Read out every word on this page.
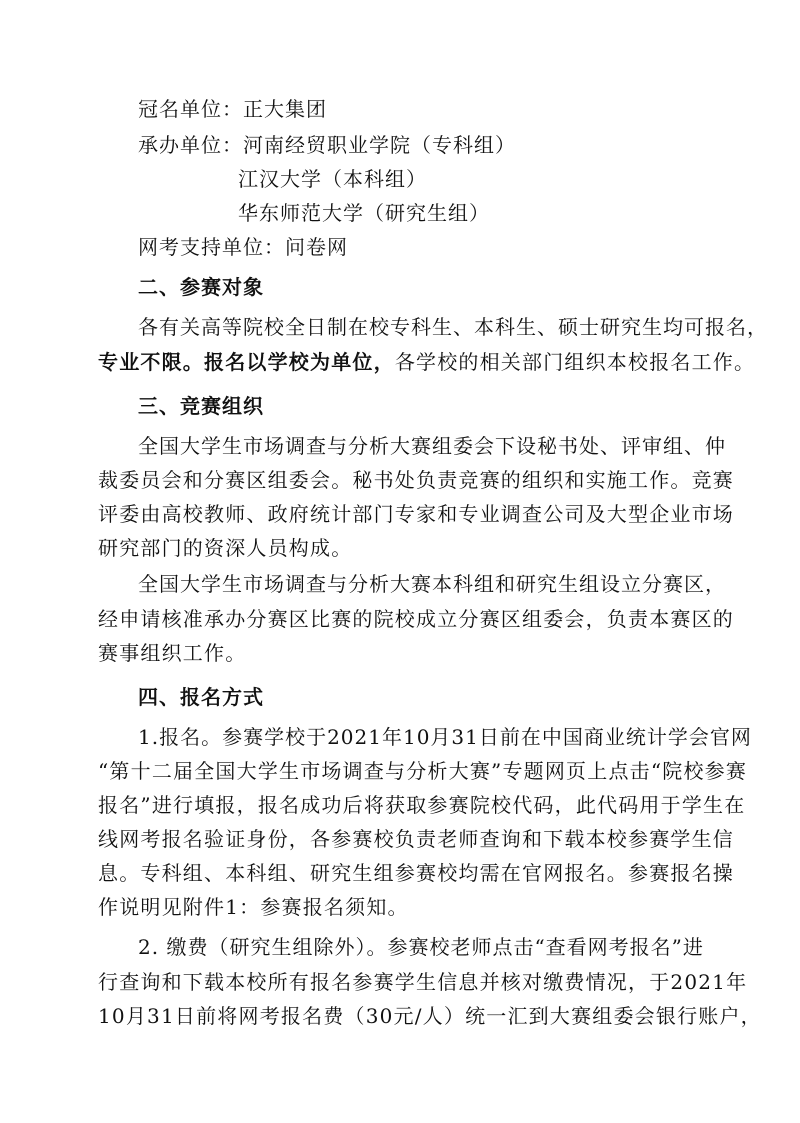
冠名单位：正大集团
承办单位：河南经贸职业学院（专科组）
江汉大学（本科组）
华东师范大学（研究生组）
网考支持单位：问卷网
二、参赛对象
各有关高等院校全日制在校专科生、本科生、硕士研究生均可报名，
专业不限。报名以学校为单位，各学校的相关部门组织本校报名工作。
三、竞赛组织
全国大学生市场调查与分析大赛组委会下设秘书处、评审组、仲
裁委员会和分赛区组委会。秘书处负责竞赛的组织和实施工作。竞赛
评委由高校教师、政府统计部门专家和专业调查公司及大型企业市场
研究部门的资深人员构成。
全国大学生市场调查与分析大赛本科组和研究生组设立分赛区，
经申请核准承办分赛区比赛的院校成立分赛区组委会，负责本赛区的
赛事组织工作。
四、报名方式
1.报名。参赛学校于2021年10月31日前在中国商业统计学会官网
“第十二届全国大学生市场调查与分析大赛”专题网页上点击“院校参赛
报名”进行填报，报名成功后将获取参赛院校代码，此代码用于学生在
线网考报名验证身份，各参赛校负责老师查询和下载本校参赛学生信
息。专科组、本科组、研究生组参赛校均需在官网报名。参赛报名操
作说明见附件1：参赛报名须知。
2. 缴费（研究生组除外）。参赛校老师点击“查看网考报名”进
行查询和下载本校所有报名参赛学生信息并核对缴费情况，于2021年
10月31日前将网考报名费（30元/人）统一汇到大赛组委会银行账户，
